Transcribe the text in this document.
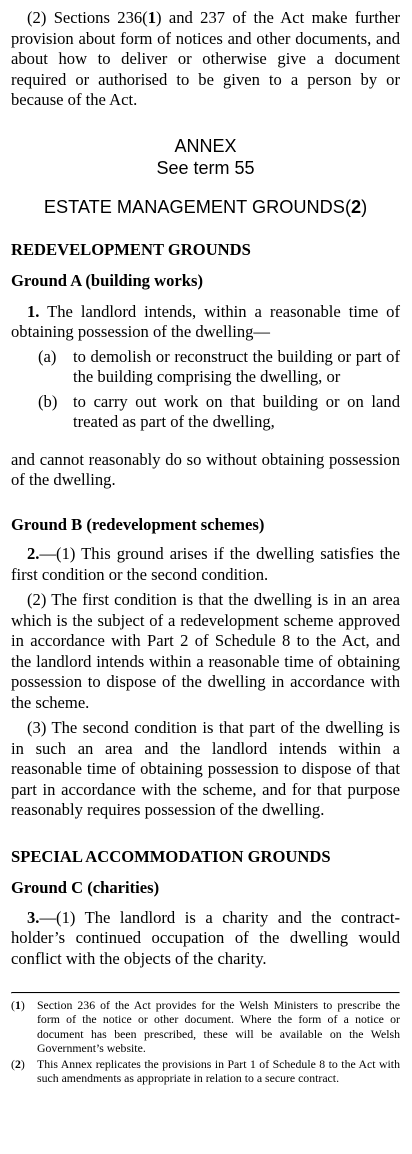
(2) Sections 236(1) and 237 of the Act make further provision about form of notices and other documents, and about how to deliver or otherwise give a document required or authorised to be given to a person by or because of the Act.

ANNEX
See term 55
ESTATE MANAGEMENT GROUNDS(2)

REDEVELOPMENT GROUNDS

Ground A (building works)

1. The landlord intends, within a reasonable time of obtaining possession of the dwelling—

(a) to demolish or reconstruct the building or part of the building comprising the dwelling, or
(b) to carry out work on that building or on land treated as part of the dwelling,

and cannot reasonably do so without obtaining possession of the dwelling.

Ground B (redevelopment schemes)

2.—(1) This ground arises if the dwelling satisfies the first condition or the second condition.

(2) The first condition is that the dwelling is in an area which is the subject of a redevelopment scheme approved in accordance with Part 2 of Schedule 8 to the Act, and the landlord intends within a reasonable time of obtaining possession to dispose of the dwelling in accordance with the scheme.

(3) The second condition is that part of the dwelling is in such an area and the landlord intends within a reasonable time of obtaining possession to dispose of that part in accordance with the scheme, and for that purpose reasonably requires possession of the dwelling.

SPECIAL ACCOMMODATION GROUNDS

Ground C (charities)

3.—(1) The landlord is a charity and the contract-holder’s continued occupation of the dwelling would conflict with the objects of the charity.

(1)	Section 236 of the Act provides for the Welsh Ministers to prescribe the form of the notice or other document. Where the form of a notice or document has been prescribed, these will be available on the Welsh Government’s website.
(2)	This Annex replicates the provisions in Part 1 of Schedule 8 to the Act with such amendments as appropriate in relation to a secure contract.
